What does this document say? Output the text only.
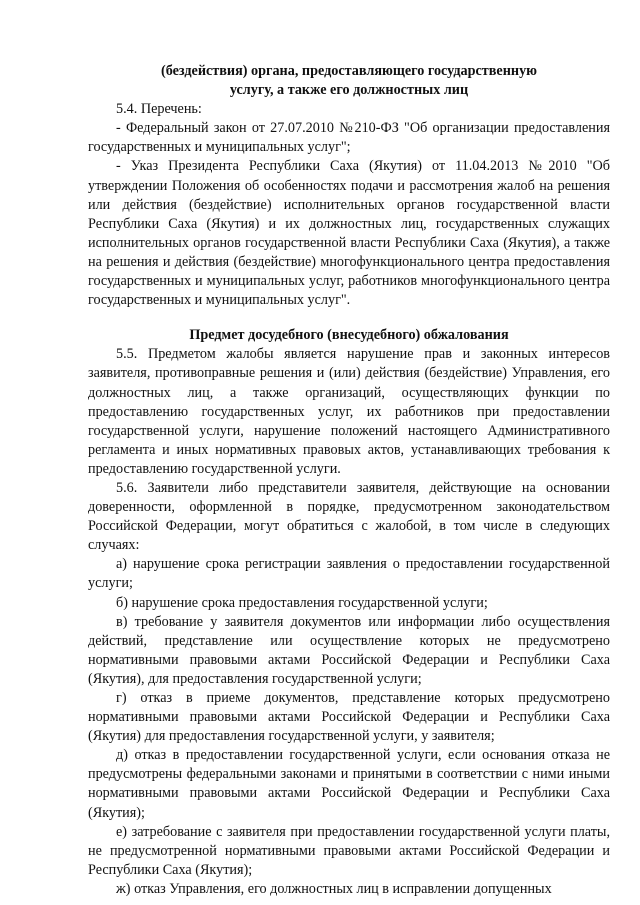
(бездействия) органа, предоставляющего государственную
услугу, а также его должностных лиц

5.4. Перечень:

- Федеральный закон от 27.07.2010 №210-ФЗ "Об организации предоставления государственных и муниципальных услуг";

- Указ Президента Республики Саха (Якутия) от 11.04.2013 №2010 "Об утверждении Положения об особенностях подачи и рассмотрения жалоб на решения или действия (бездействие) исполнительных органов государственной власти Республики Саха (Якутия) и их должностных лиц, государственных служащих исполнительных органов государственной власти Республики Саха (Якутия), а также на решения и действия (бездействие) многофункционального центра предоставления государственных и муниципальных услуг, работников многофункционального центра государственных и муниципальных услуг".

Предмет досудебного (внесудебного) обжалования

5.5. Предметом жалобы является нарушение прав и законных интересов заявителя, противоправные решения и (или) действия (бездействие) Управления, его должностных лиц, а также организаций, осуществляющих функции по предоставлению государственных услуг, их работников при предоставлении государственной услуги, нарушение положений настоящего Административного регламента и иных нормативных правовых актов, устанавливающих требования к предоставлению государственной услуги.

5.6. Заявители либо представители заявителя, действующие на основании доверенности, оформленной в порядке, предусмотренном законодательством Российской Федерации, могут обратиться с жалобой, в том числе в следующих случаях:

а) нарушение срока регистрации заявления о предоставлении государственной услуги;

б) нарушение срока предоставления государственной услуги;

в) требование у заявителя документов или информации либо осуществления действий, представление или осуществление которых не предусмотрено нормативными правовыми актами Российской Федерации и Республики Саха (Якутия), для предоставления государственной услуги;

г) отказ в приеме документов, представление которых предусмотрено нормативными правовыми актами Российской Федерации и Республики Саха (Якутия) для предоставления государственной услуги, у заявителя;

д) отказ в предоставлении государственной услуги, если основания отказа не предусмотрены федеральными законами и принятыми в соответствии с ними иными нормативными правовыми актами Российской Федерации и Республики Саха (Якутия);

е) затребование с заявителя при предоставлении государственной услуги платы, не предусмотренной нормативными правовыми актами Российской Федерации и Республики Саха (Якутия);

ж) отказ Управления, его должностных лиц в исправлении допущенных
